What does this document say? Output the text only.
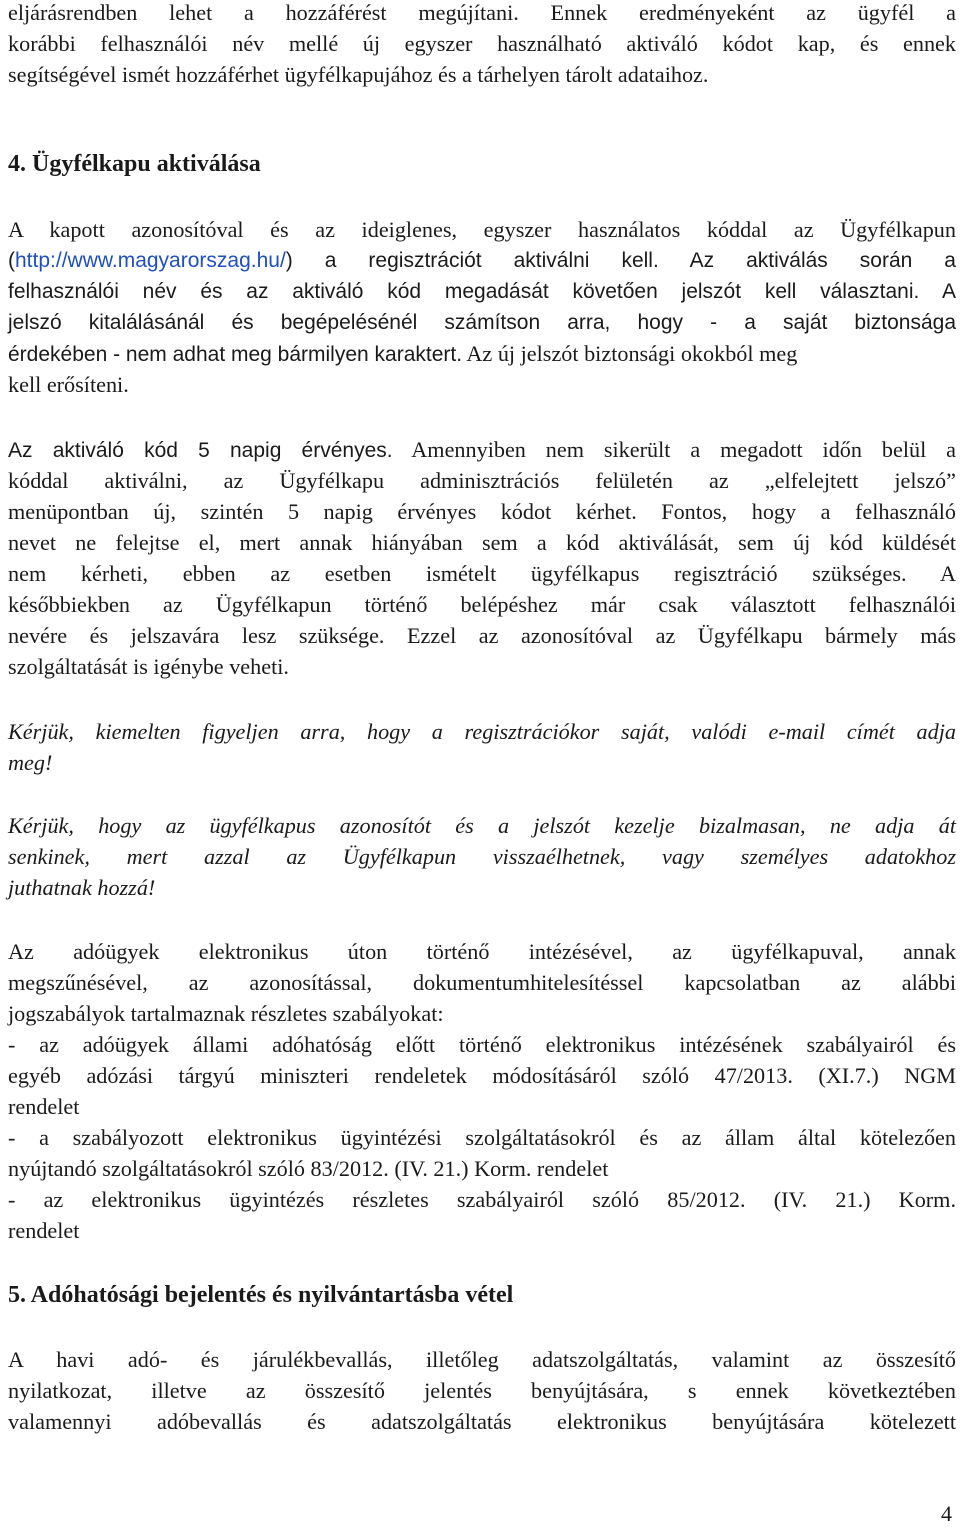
eljárásrendben lehet a hozzáférést megújítani. Ennek eredményeként az ügyfél a
korábbi felhasználói név mellé új egyszer használható aktiváló kódot kap, és ennek
segítségével ismét hozzáférhet ügyfélkapujához és a tárhelyen tárolt adataihoz.
4. Ügyfélkapu aktiválása
A kapott azonosítóval és az ideiglenes, egyszer használatos kóddal az Ügyfélkapun
(http://www.magyarorszag.hu/) a regisztrációt aktiválni kell. Az aktiválás során a
felhasználói név és az aktiváló kód megadását követően jelszót kell választani. A
jelszó kitalálásánál és begépelésénél számítson arra, hogy - a saját biztonsága
érdekében - nem adhat meg bármilyen karaktert. Az új jelszót biztonsági okokból meg
kell erősíteni.
Az aktiváló kód 5 napig érvényes. Amennyiben nem sikerült a megadott időn belül a
kóddal aktiválni, az Ügyfélkapu adminisztrációs felületén az „elfelejtett jelszó”
menüpontban új, szintén 5 napig érvényes kódot kérhet. Fontos, hogy a felhasználó
nevet ne felejtse el, mert annak hiányában sem a kód aktiválását, sem új kód küldését
nem kérheti, ebben az esetben ismételt ügyfélkapus regisztráció szükséges. A
későbbiekben az Ügyfélkapun történő belépéshez már csak választott felhasználói
nevére és jelszavára lesz szüksége. Ezzel az azonosítóval az Ügyfélkapu bármely más
szolgáltatását is igénybe veheti.
Kérjük, kiemelten figyeljen arra, hogy a regisztrációkor saját, valódi e-mail címét adja
meg!
Kérjük, hogy az ügyfélkapus azonosítót és a jelszót kezelje bizalmasan, ne adja át
senkinek, mert azzal az Ügyfélkapun visszaélhetnek, vagy személyes adatokhoz
juthatnak hozzá!
Az adóügyek elektronikus úton történő intézésével, az ügyfélkapuval, annak
megszűnésével, az azonosítással, dokumentumhitelesítéssel kapcsolatban az alábbi
jogszabályok tartalmaznak részletes szabályokat:
- az adóügyek állami adóhatóság előtt történő elektronikus intézésének szabályairól és
egyéb adózási tárgyú miniszteri rendeletek módosításáról szóló 47/2013. (XI.7.) NGM
rendelet
- a szabályozott elektronikus ügyintézési szolgáltatásokról és az állam által kötelezően
nyújtandó szolgáltatásokról szóló 83/2012. (IV. 21.) Korm. rendelet
- az elektronikus ügyintézés részletes szabályairól szóló 85/2012. (IV. 21.) Korm.
rendelet
5. Adóhatósági bejelentés és nyilvántartásba vétel
A havi adó- és járulékbevallás, illetőleg adatszolgáltatás, valamint az összesítő
nyilatkozat, illetve az összesítő jelentés benyújtására, s ennek következtében
valamennyi adóbevallás és adatszolgáltatás elektronikus benyújtására kötelezett
4
